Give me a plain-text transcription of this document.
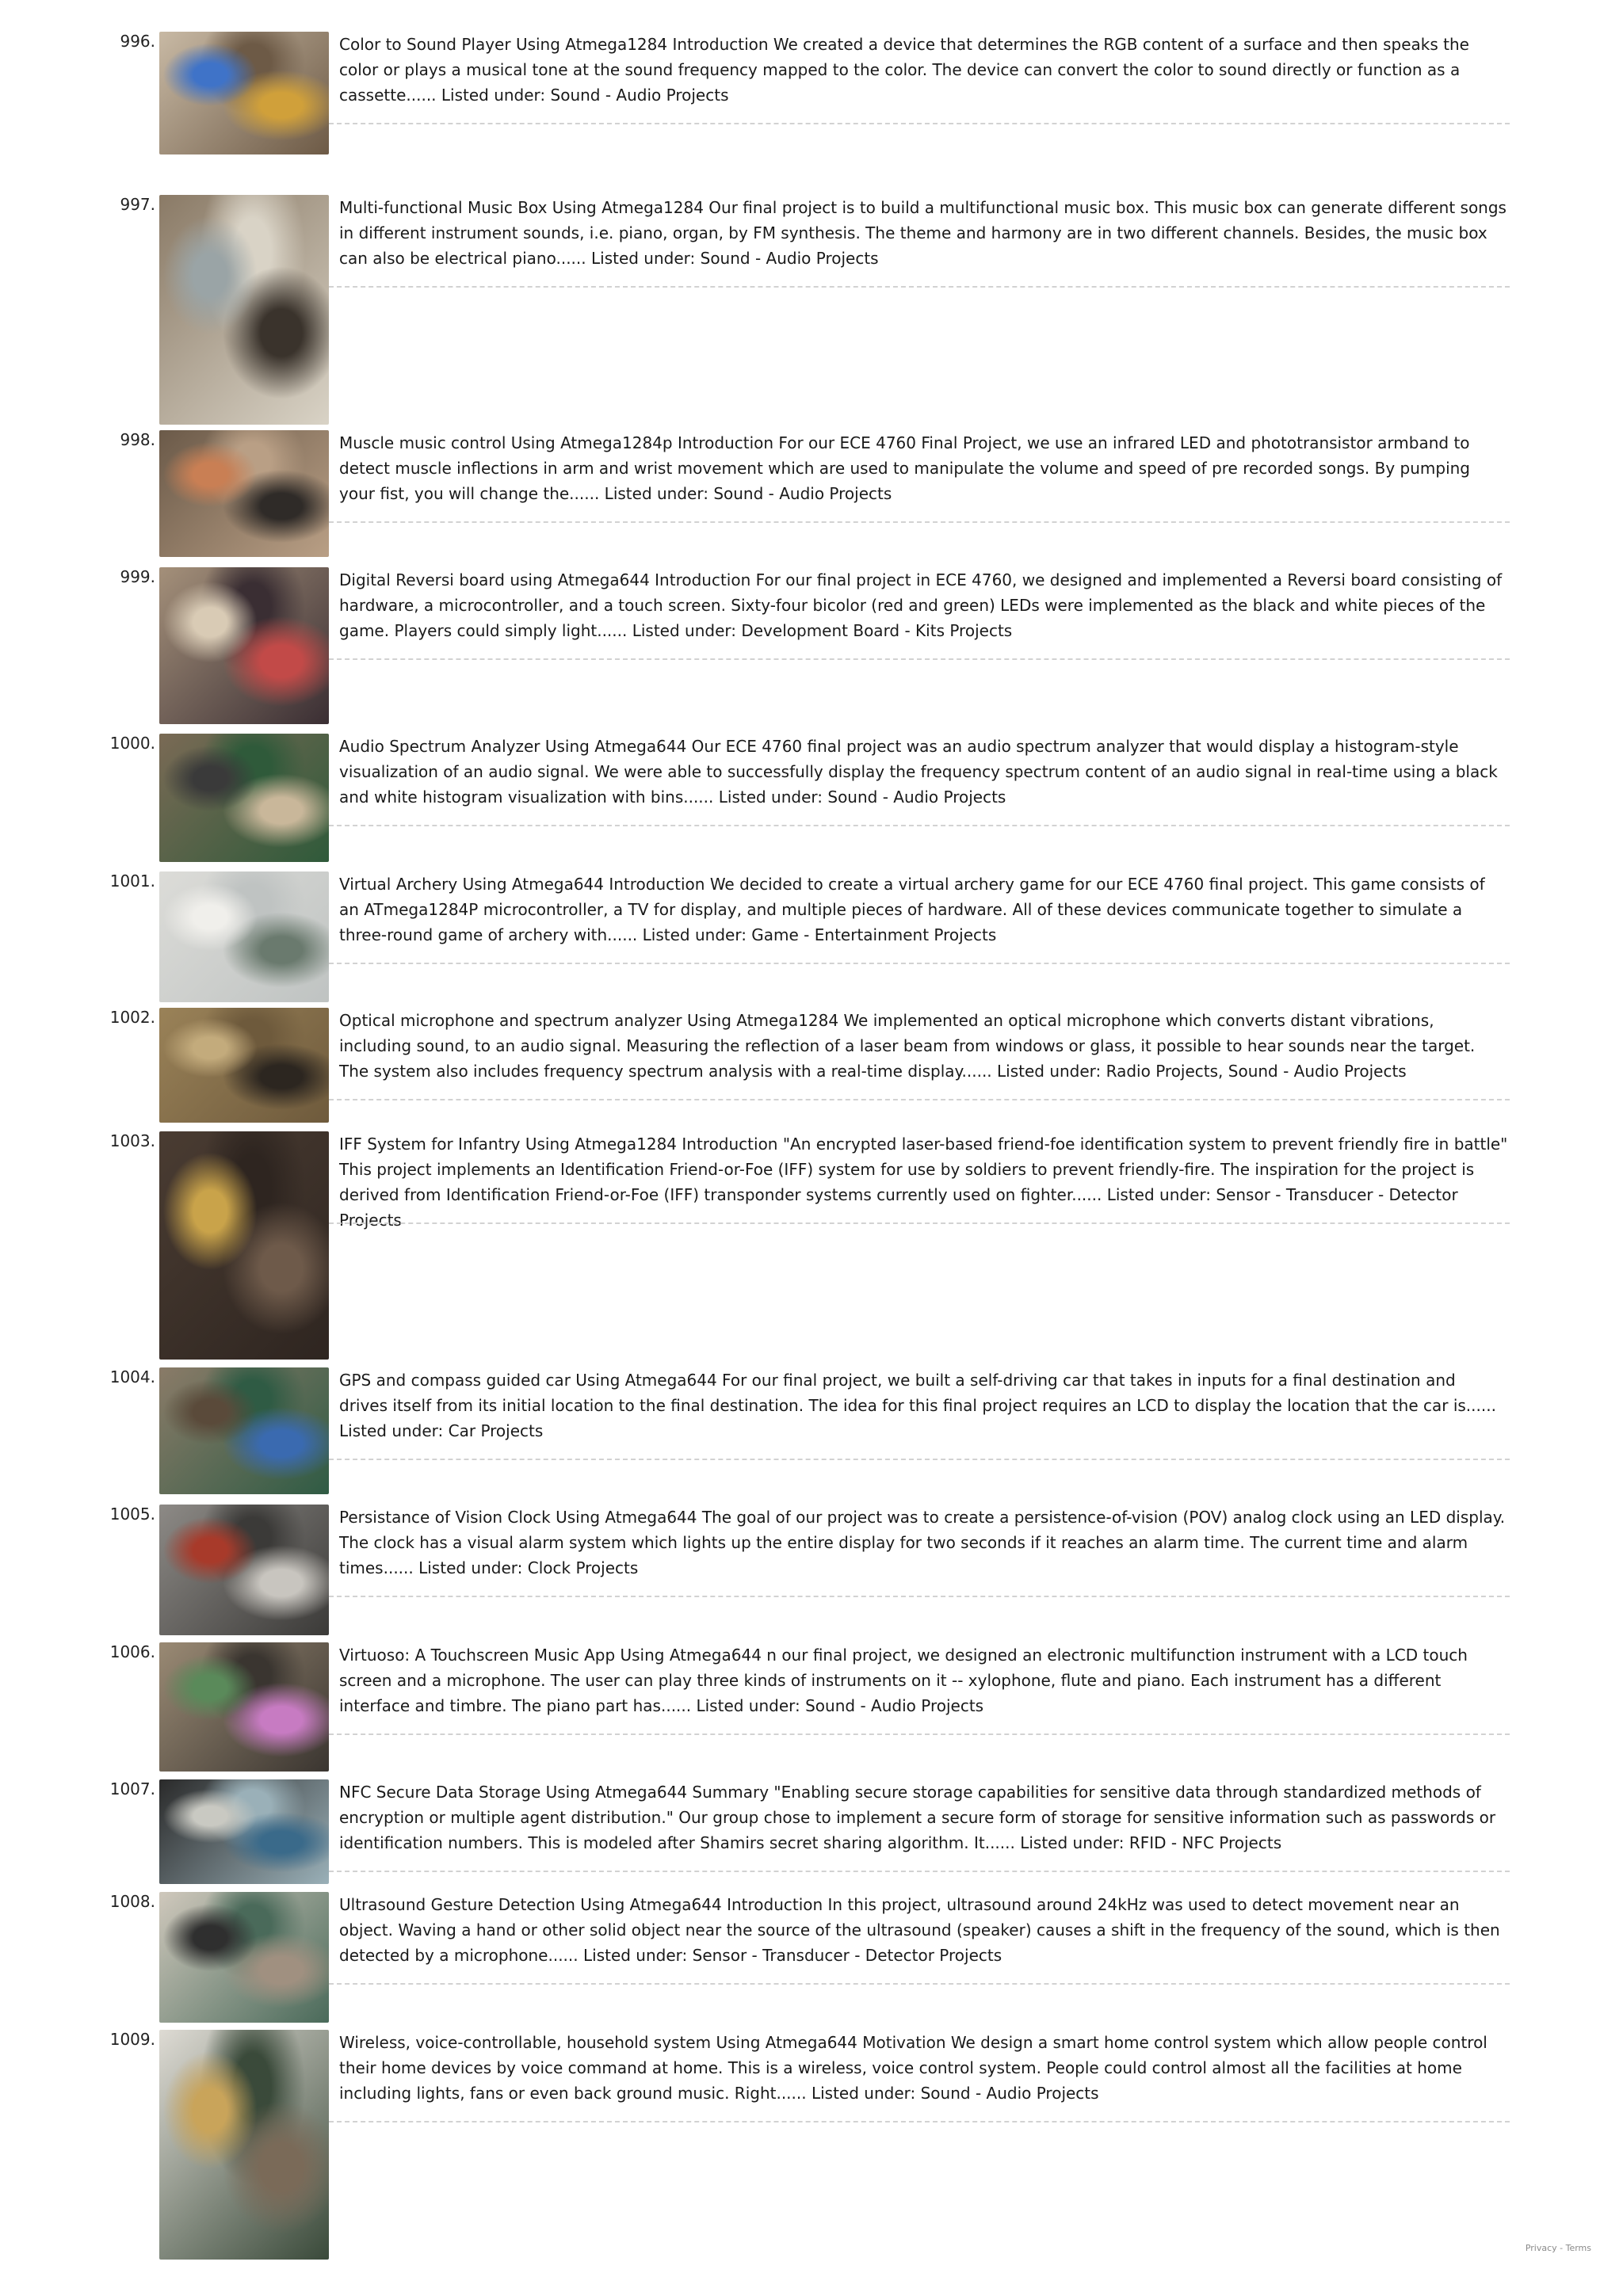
996.	Color to Sound Player Using Atmega1284 Introduction We created a device that determines the RGB content of a surface and then speaks the color or plays a musical tone at the sound frequency mapped to the color. The device can convert the color to sound directly or function as a cassette...... Listed under: Sound - Audio Projects

997.	Multi-functional Music Box Using Atmega1284 Our final project is to build a multifunctional music box. This music box can generate different songs in different instrument sounds, i.e. piano, organ, by FM synthesis. The theme and harmony are in two different channels. Besides, the music box can also be electrical piano...... Listed under: Sound - Audio Projects

998.	Muscle music control Using Atmega1284p Introduction For our ECE 4760 Final Project, we use an infrared LED and phototransistor armband to detect muscle inflections in arm and wrist movement which are used to manipulate the volume and speed of pre recorded songs. By pumping your fist, you will change the...... Listed under: Sound - Audio Projects

999.	Digital Reversi board using Atmega644 Introduction For our final project in ECE 4760, we designed and implemented a Reversi board consisting of hardware, a microcontroller, and a touch screen. Sixty-four bicolor (red and green) LEDs were implemented as the black and white pieces of the game. Players could simply light...... Listed under: Development Board - Kits Projects

1000.	Audio Spectrum Analyzer Using Atmega644 Our ECE 4760 final project was an audio spectrum analyzer that would display a histogram-style visualization of an audio signal. We were able to successfully display the frequency spectrum content of an audio signal in real-time using a black and white histogram visualization with bins...... Listed under: Sound - Audio Projects

1001.	Virtual Archery Using Atmega644 Introduction We decided to create a virtual archery game for our ECE 4760 final project. This game consists of an ATmega1284P microcontroller, a TV for display, and multiple pieces of hardware. All of these devices communicate together to simulate a three-round game of archery with...... Listed under: Game - Entertainment Projects

1002.	Optical microphone and spectrum analyzer Using Atmega1284 We implemented an optical microphone which converts distant vibrations, including sound, to an audio signal. Measuring the reflection of a laser beam from windows or glass, it possible to hear sounds near the target. The system also includes frequency spectrum analysis with a real-time display...... Listed under: Radio Projects, Sound - Audio Projects

1003.	IFF System for Infantry Using Atmega1284 Introduction "An encrypted laser-based friend-foe identification system to prevent friendly fire in battle" This project implements an Identification Friend-or-Foe (IFF) system for use by soldiers to prevent friendly-fire. The inspiration for the project is derived from Identification Friend-or-Foe (IFF) transponder systems currently used on fighter...... Listed under: Sensor - Transducer - Detector Projects

1004.	GPS and compass guided car Using Atmega644 For our final project, we built a self-driving car that takes in inputs for a final destination and drives itself from its initial location to the final destination. The idea for this final project requires an LCD to display the location that the car is...... Listed under: Car Projects

1005.	Persistance of Vision Clock Using Atmega644 The goal of our project was to create a persistence-of-vision (POV) analog clock using an LED display. The clock has a visual alarm system which lights up the entire display for two seconds if it reaches an alarm time. The current time and alarm times...... Listed under: Clock Projects

1006.	Virtuoso: A Touchscreen Music App Using Atmega644 n our final project, we designed an electronic multifunction instrument with a LCD touch screen and a microphone. The user can play three kinds of instruments on it -- xylophone, flute and piano. Each instrument has a different interface and timbre. The piano part has...... Listed under: Sound - Audio Projects

1007.	NFC Secure Data Storage Using Atmega644 Summary "Enabling secure storage capabilities for sensitive data through standardized methods of encryption or multiple agent distribution." Our group chose to implement a secure form of storage for sensitive information such as passwords or identification numbers. This is modeled after Shamirs secret sharing algorithm. It...... Listed under: RFID - NFC Projects

1008.	Ultrasound Gesture Detection Using Atmega644 Introduction In this project, ultrasound around 24kHz was used to detect movement near an object. Waving a hand or other solid object near the source of the ultrasound (speaker) causes a shift in the frequency of the sound, which is then detected by a microphone...... Listed under: Sensor - Transducer - Detector Projects

1009.	Wireless, voice-controllable, household system Using Atmega644 Motivation We design a smart home control system which allow people control their home devices by voice command at home. This is a wireless, voice control system. People could control almost all the facilities at home including lights, fans or even back ground music. Right...... Listed under: Sound - Audio Projects

Privacy - Terms
